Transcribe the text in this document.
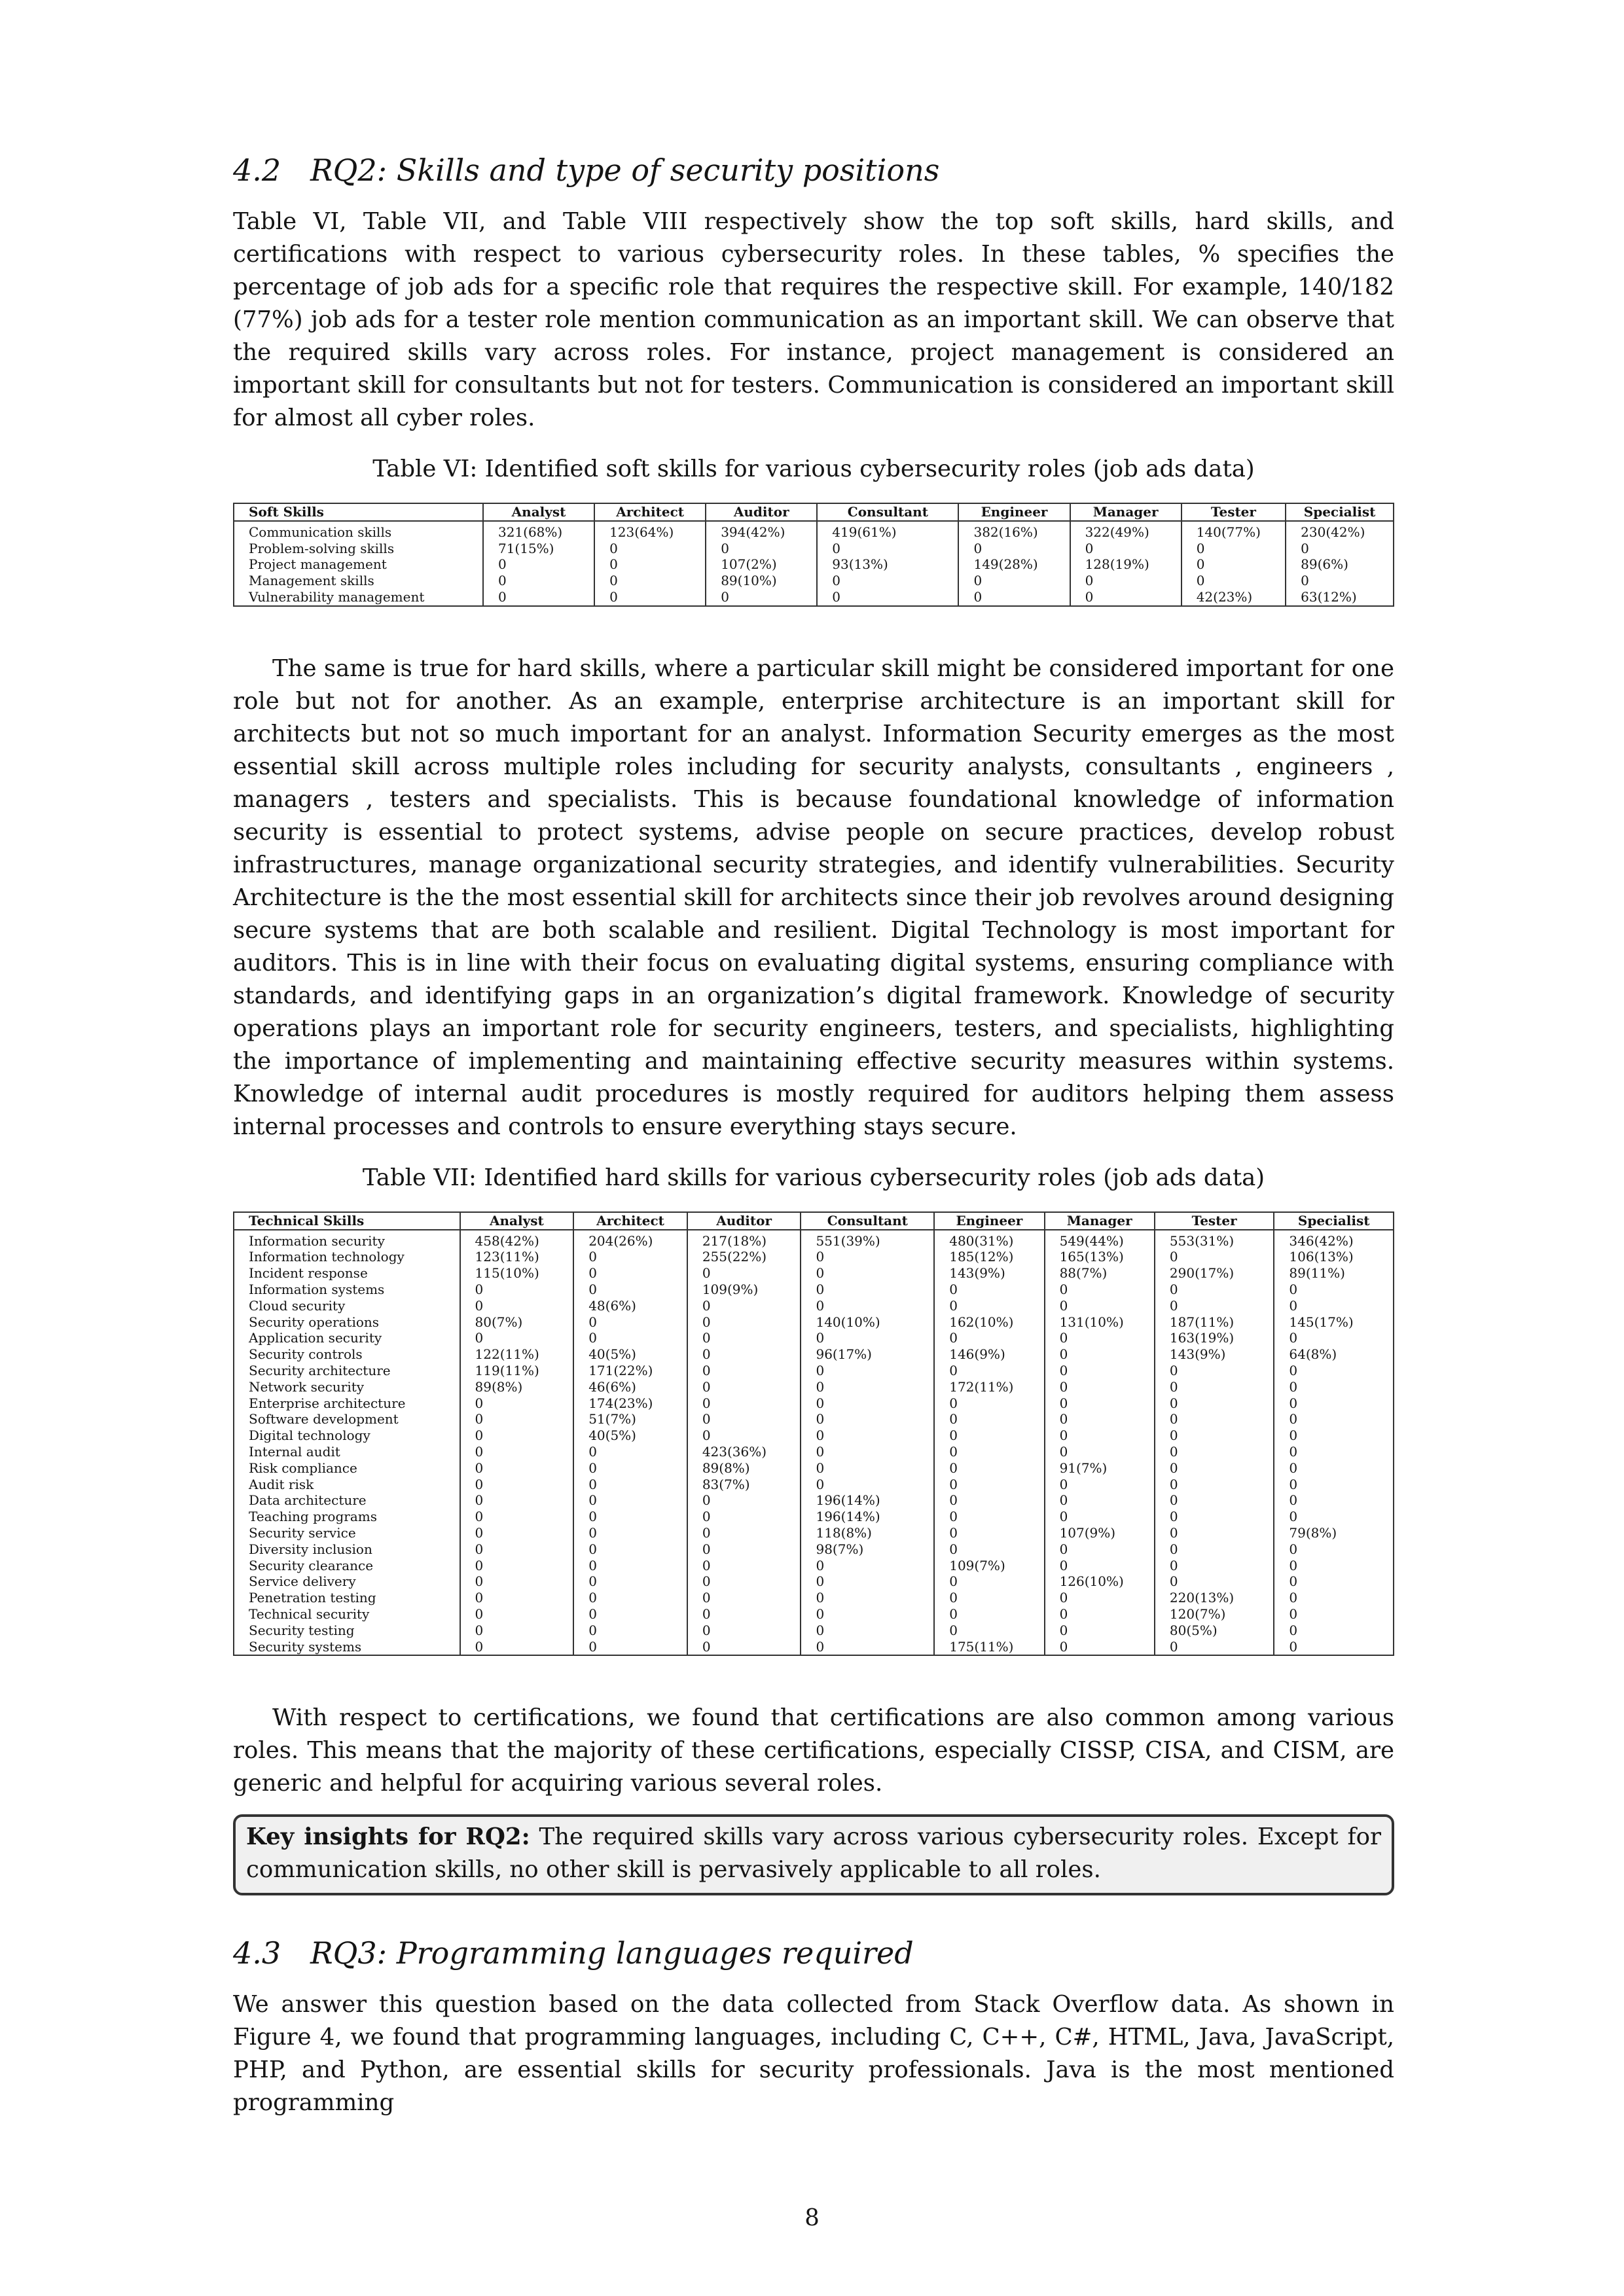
4.2 RQ2: Skills and type of security positions

Table VI, Table VII, and Table VIII respectively show the top soft skills, hard skills, and certifications with respect to various cybersecurity roles. In these tables, % specifies the percentage of job ads for a specific role that requires the respective skill. For example, 140/182 (77%) job ads for a tester role mention communication as an important skill. We can observe that the required skills vary across roles. For instance, project management is considered an important skill for consultants but not for testers. Communication is considered an important skill for almost all cyber roles.

Table VI: Identified soft skills for various cybersecurity roles (job ads data)
Soft Skills	Analyst	Architect	Auditor	Consultant	Engineer	Manager	Tester	Specialist
Communication skills	321(68%)	123(64%)	394(42%)	419(61%)	382(16%)	322(49%)	140(77%)	230(42%)
Problem-solving skills	71(15%)	0	0	0	0	0	0	0
Project management	0	0	107(2%)	93(13%)	149(28%)	128(19%)	0	89(6%)
Management skills	0	0	89(10%)	0	0	0	0	0
Vulnerability management	0	0	0	0	0	0	42(23%)	63(12%)

The same is true for hard skills, where a particular skill might be considered important for one role but not for another. As an example, enterprise architecture is an important skill for architects but not so much important for an analyst. Information Security emerges as the most essential skill across multiple roles including for security analysts, consultants , engineers , managers , testers and specialists. This is because foundational knowledge of information security is essential to protect systems, advise people on secure practices, develop robust infrastructures, manage organizational security strategies, and identify vulnerabilities. Security Architecture is the the most essential skill for architects since their job revolves around designing secure systems that are both scalable and resilient. Digital Technology is most important for auditors. This is in line with their focus on evaluating digital systems, ensuring compliance with standards, and identifying gaps in an organization’s digital framework. Knowledge of security operations plays an important role for security engineers, testers, and specialists, highlighting the importance of implementing and maintaining effective security measures within systems. Knowledge of internal audit procedures is mostly required for auditors helping them assess internal processes and controls to ensure everything stays secure.

Table VII: Identified hard skills for various cybersecurity roles (job ads data)
Technical Skills	Analyst	Architect	Auditor	Consultant	Engineer	Manager	Tester	Specialist
Information security	458(42%)	204(26%)	217(18%)	551(39%)	480(31%)	549(44%)	553(31%)	346(42%)
Information technology	123(11%)	0	255(22%)	0	185(12%)	165(13%)	0	106(13%)
Incident response	115(10%)	0	0	0	143(9%)	88(7%)	290(17%)	89(11%)
Information systems	0	0	109(9%)	0	0	0	0	0
Cloud security	0	48(6%)	0	0	0	0	0	0
Security operations	80(7%)	0	0	140(10%)	162(10%)	131(10%)	187(11%)	145(17%)
Application security	0	0	0	0	0	0	163(19%)	0
Security controls	122(11%)	40(5%)	0	96(17%)	146(9%)	0	143(9%)	64(8%)
Security architecture	119(11%)	171(22%)	0	0	0	0	0	0
Network security	89(8%)	46(6%)	0	0	172(11%)	0	0	0
Enterprise architecture	0	174(23%)	0	0	0	0	0	0
Software development	0	51(7%)	0	0	0	0	0	0
Digital technology	0	40(5%)	0	0	0	0	0	0
Internal audit	0	0	423(36%)	0	0	0	0	0
Risk compliance	0	0	89(8%)	0	0	91(7%)	0	0
Audit risk	0	0	83(7%)	0	0	0	0	0
Data architecture	0	0	0	196(14%)	0	0	0	0
Teaching programs	0	0	0	196(14%)	0	0	0	0
Security service	0	0	0	118(8%)	0	107(9%)	0	79(8%)
Diversity inclusion	0	0	0	98(7%)	0	0	0	0
Security clearance	0	0	0	0	109(7%)	0	0	0
Service delivery	0	0	0	0	0	126(10%)	0	0
Penetration testing	0	0	0	0	0	0	220(13%)	0
Technical security	0	0	0	0	0	0	120(7%)	0
Security testing	0	0	0	0	0	0	80(5%)	0
Security systems	0	0	0	0	175(11%)	0	0	0

With respect to certifications, we found that certifications are also common among various roles. This means that the majority of these certifications, especially CISSP, CISA, and CISM, are generic and helpful for acquiring various several roles.

Key insights for RQ2: The required skills vary across various cybersecurity roles. Except for communication skills, no other skill is pervasively applicable to all roles.
4.3 RQ3: Programming languages required

We answer this question based on the data collected from Stack Overflow data. As shown in Figure 4, we found that programming languages, including C, C++, C#, HTML, Java, JavaScript, PHP, and Python, are essential skills for security professionals. Java is the most mentioned programming

8
